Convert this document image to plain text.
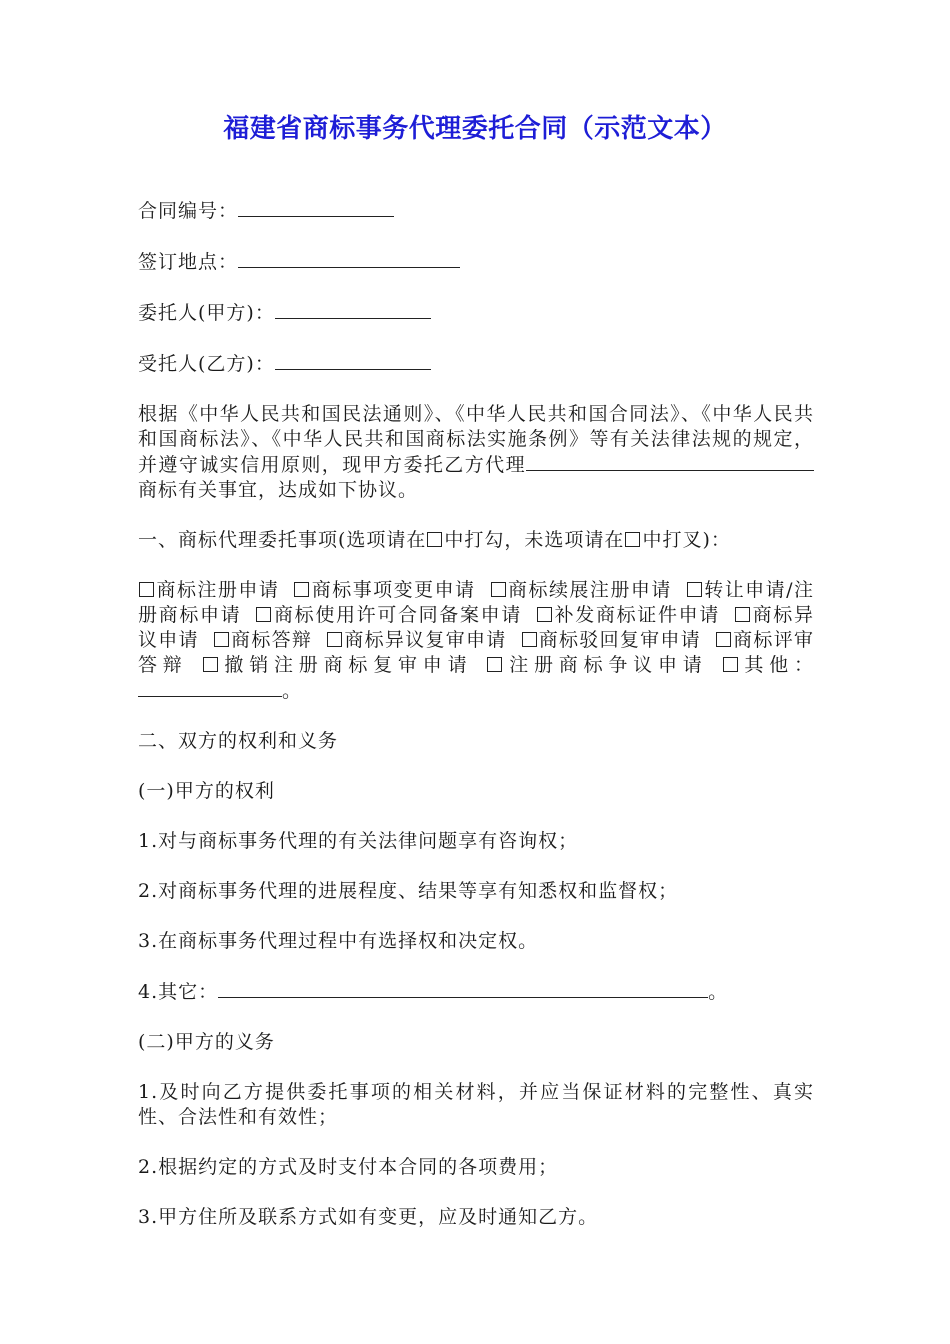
福建省商标事务代理委托合同（示范文本）

合同编号：

签订地点：

委托人(甲方)：

受托人(乙方)：

根据《中华人民共和国民法通则》、《中华人民共和国合同法》、《中华人民共和国商标法》、《中华人民共和国商标法实施条例》等有关法律法规的规定，并遵守诚实信用原则，现甲方委托乙方代理商标有关事宜，达成如下协议。

一、商标代理委托事项(选项请在 中打勾，未选项请在 中打叉)：

商标注册申请 商标事项变更申请 商标续展注册申请 转让申请/注册商标申请 商标使用许可合同备案申请 补发商标证件申请 商标异议申请 商标答辩 商标异议复审申请 商标驳回复审申请 商标评审答辩 撤销注册商标复审申请 注册商标争议申请 其他：。

二、双方的权利和义务

(一)甲方的权利

1.对与商标事务代理的有关法律问题享有咨询权；

2.对商标事务代理的进展程度、结果等享有知悉权和监督权；

3.在商标事务代理过程中有选择权和决定权。

4.其它：	。

(二)甲方的义务

1.及时向乙方提供委托事项的相关材料，并应当保证材料的完整性、真实性、合法性和有效性；

2.根据约定的方式及时支付本合同的各项费用；

3.甲方住所及联系方式如有变更，应及时通知乙方。
